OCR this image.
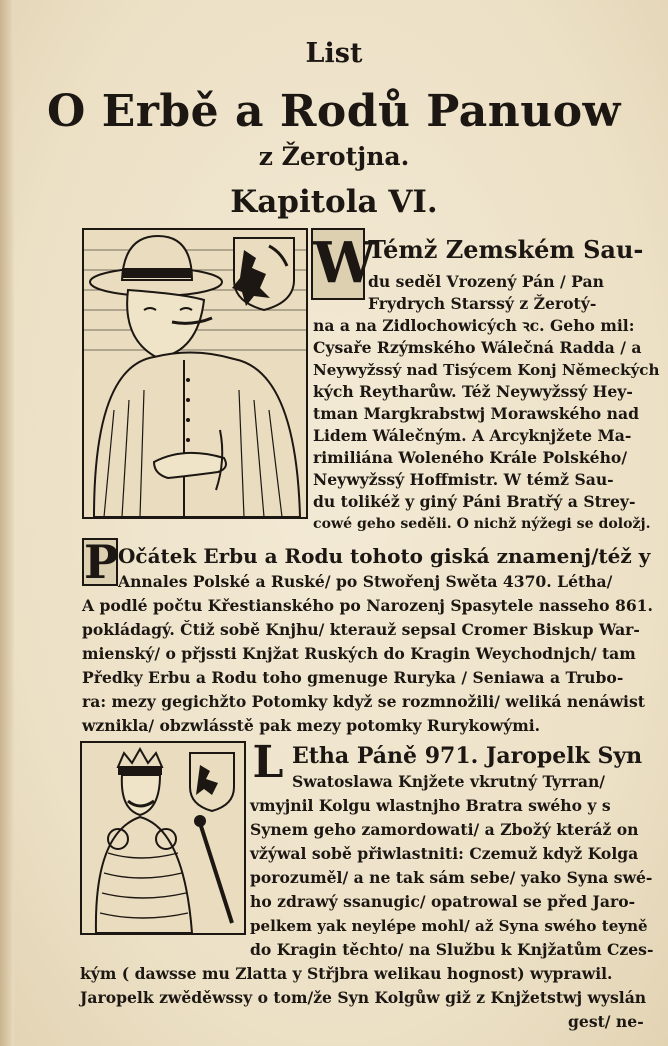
List
O Erbě a Rodů Panuow
z Žerotjna.
Kapitola VI.
W
Témž Zemském Sau-
du seděl Vrozený Pán / Pan
Frydrych Starssý z Žerotý-
na a na Zidlochowicých ꝛc. Geho mil:
Cysaře Rzýmského Wálečná Radda / a
Neywyžssý nad Tisýcem Konj Německých
kých Reytharůw. Též Neywyžssý Hey-
tman Margkrabstwj Morawského nad
Lidem Wálečným. A Arcyknjžete Ma-
rimiliána Woleného Krále Polského/
Neywyžssý Hoffmistr. W témž Sau-
du tolikéž y giný Páni Bratřý a Strey-
cowé geho seděli. O nichž nýžegi se doložj.
P Očátek Erbu a Rodu tohoto giská znamenj/též y
Annales Polské a Ruské/ po Stwořenj Swěta 4370. Létha/
A podlé počtu Křestianského po Narozenj Spasytele nasseho 861.
pokládagý. Čtiž sobě Knjhu/ kterauž sepsal Cromer Biskup War-
mienský/ o přjssti Knjžat Ruských do Kragin Weychodnjch/ tam
Předky Erbu a Rodu toho gmenuge Ruryka / Seniawa a Trubo-
ra: mezy gegichžto Potomky když se rozmnožili/ weliká nenáwist
wznikla/ obzwlásstě pak mezy potomky Rurykowými.
L Etha Páně 971. Jaropelk Syn
Swatoslawa Knjžete vkrutný Tyrran/
vmyjnil Kolgu wlastnjho Bratra swého y s
Synem geho zamordowati/ a Zbožý kteráž on
vžýwal sobě přiwlastniti: Czemuž když Kolga
porozuměl/ a ne tak sám sebe/ yako Syna swé-
ho zdrawý ssanugic/ opatrowal se před Jaro-
pelkem yak neylépe mohl/ až Syna swého teyně
do Kragin těchto/ na Službu k Knjžatům Czes-
kým ( dawsse mu Zlatta y Střjbra welikau hognost) wyprawil.
Jaropelk zwěděwssy o tom/že Syn Kolgůw giž z Knjžetstwj wyslán
gest/ ne-
